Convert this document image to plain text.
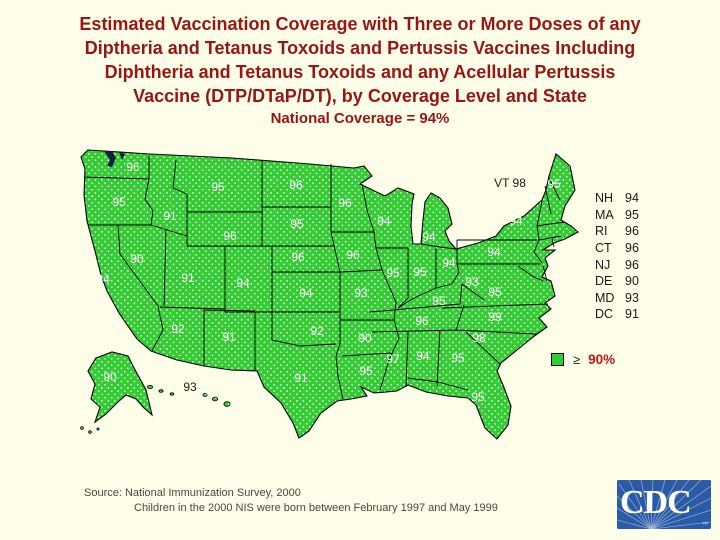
Estimated Vaccination Coverage with Three or More Doses of any
Diptheria and Tetanus Toxoids and Pertussis Vaccines Including
Diphtheria and Tetanus Toxoids and any Acellular Pertussis
Vaccine (DTP/DTaP/DT), by Coverage Level and State
National Coverage = 94%
96
95
94
90
91
95
96
91	94
92
91
96
95
96
94
92
91
96
96
93
90
95
94
95 95
94
94
95
96
97 94 95
95
98
99
95
93
94
94
95
90
93
VT 98
NH 94
MA 95
RI	96
CT	96
NJ	96
DE	90
MD 93
DC 91
≥ 90%
Source: National Immunization Survey, 2000
Children in the 2000 NIS were born between February 1997 and May 1999	CDC
™
